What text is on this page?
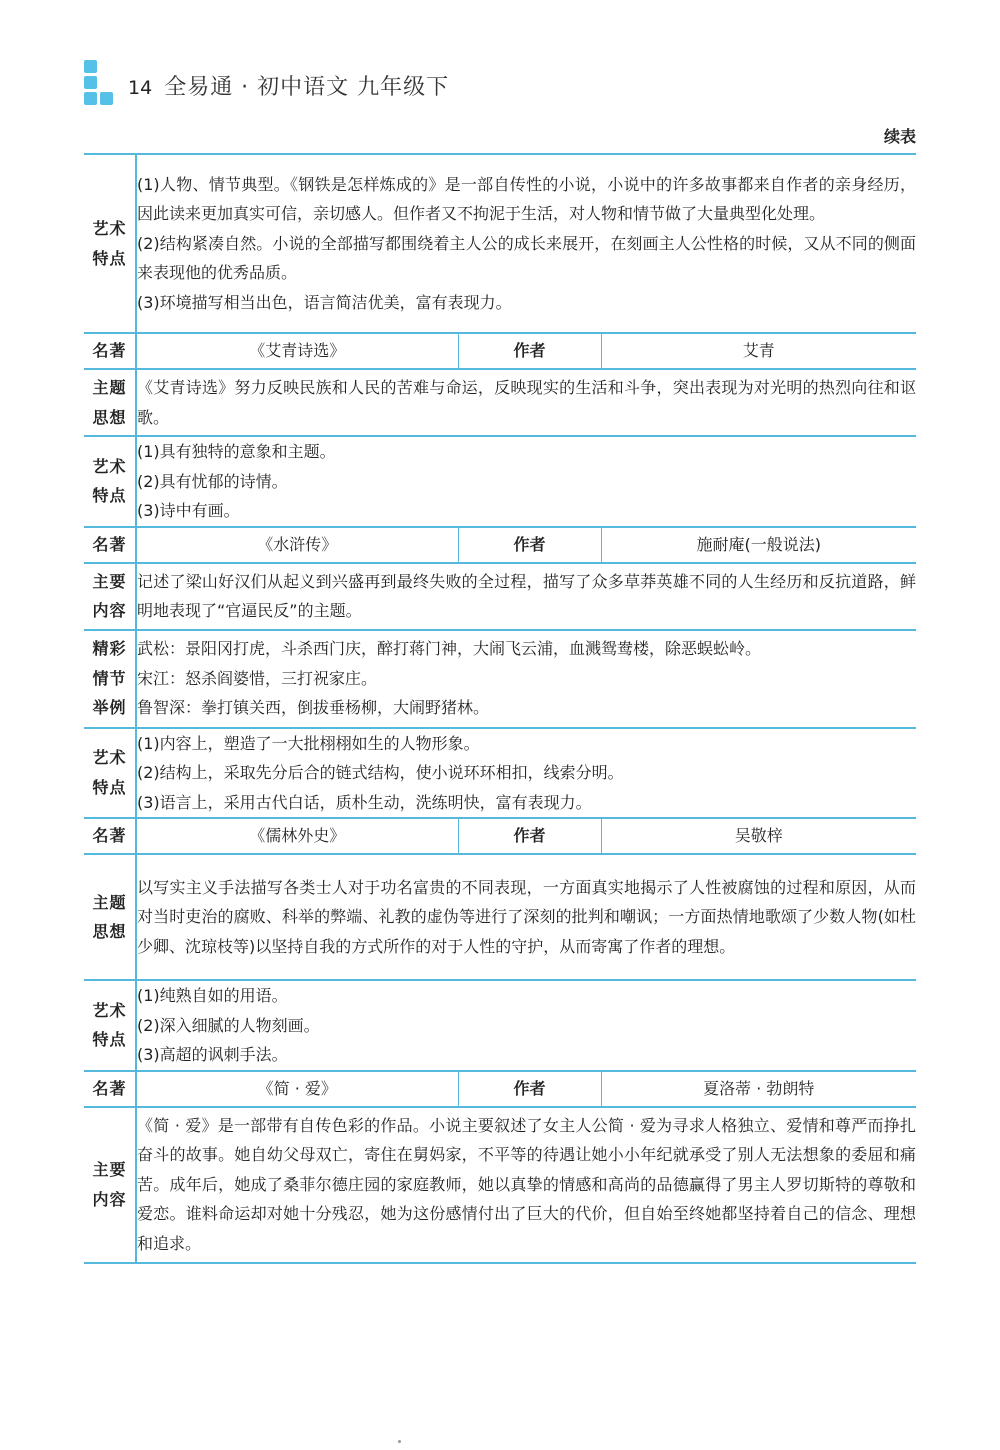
14 全易通 · 初中语文 九年级下
续表
艺术
特点	(1)人物、情节典型。《钢铁是怎样炼成的》是一部自传性的小说，小说中的许多故事都来自作者的亲身经历，因此读来更加真实可信，亲切感人。但作者又不拘泥于生活，对人物和情节做了大量典型化处理。
(2)结构紧凑自然。小说的全部描写都围绕着主人公的成长来展开，在刻画主人公性格的时候，又从不同的侧面来表现他的优秀品质。
(3)环境描写相当出色，语言简洁优美，富有表现力。		

名著	《艾青诗选》	作者	艾青
主题
思想	《艾青诗选》努力反映民族和人民的苦难与命运，反映现实的生活和斗争，突出表现为对光明的热烈向往和讴歌。		
艺术
特点	(1)具有独特的意象和主题。
(2)具有忧郁的诗情。
(3)诗中有画。		

名著	《水浒传》	作者	施耐庵(一般说法)
主要
内容	记述了梁山好汉们从起义到兴盛再到最终失败的全过程，描写了众多草莽英雄不同的人生经历和反抗道路，鲜明地表现了“官逼民反”的主题。		
精彩
情节
举例	武松：景阳冈打虎，斗杀西门庆，醉打蒋门神，大闹飞云浦，血溅鸳鸯楼，除恶蜈蚣岭。
宋江：怒杀阎婆惜，三打祝家庄。
鲁智深：拳打镇关西，倒拔垂杨柳，大闹野猪林。		

艺术
特点	(1)内容上，塑造了一大批栩栩如生的人物形象。
(2)结构上，采取先分后合的链式结构，使小说环环相扣，线索分明。
(3)语言上，采用古代白话，质朴生动，洗练明快，富有表现力。		

名著	《儒林外史》	作者	吴敬梓
主题
思想	以写实主义手法描写各类士人对于功名富贵的不同表现，一方面真实地揭示了人性被腐蚀的过程和原因，从而对当时吏治的腐败、科举的弊端、礼教的虚伪等进行了深刻的批判和嘲讽；一方面热情地歌颂了少数人物(如杜少卿、沈琼枝等)以坚持自我的方式所作的对于人性的守护，从而寄寓了作者的理想。		
艺术
特点	(1)纯熟自如的用语。
(2)深入细腻的人物刻画。
(3)高超的讽刺手法。		

名著	《简 · 爱》	作者	夏洛蒂 · 勃朗特
主要
内容	《简 · 爱》是一部带有自传色彩的作品。小说主要叙述了女主人公简 · 爱为寻求人格独立、爱情和尊严而挣扎奋斗的故事。她自幼父母双亡，寄住在舅妈家，不平等的待遇让她小小年纪就承受了别人无法想象的委屈和痛苦。成年后，她成了桑菲尔德庄园的家庭教师，她以真挚的情感和高尚的品德赢得了男主人罗切斯特的尊敬和爱恋。谁料命运却对她十分残忍，她为这份感情付出了巨大的代价，但自始至终她都坚持着自己的信念、理想和追求。		
